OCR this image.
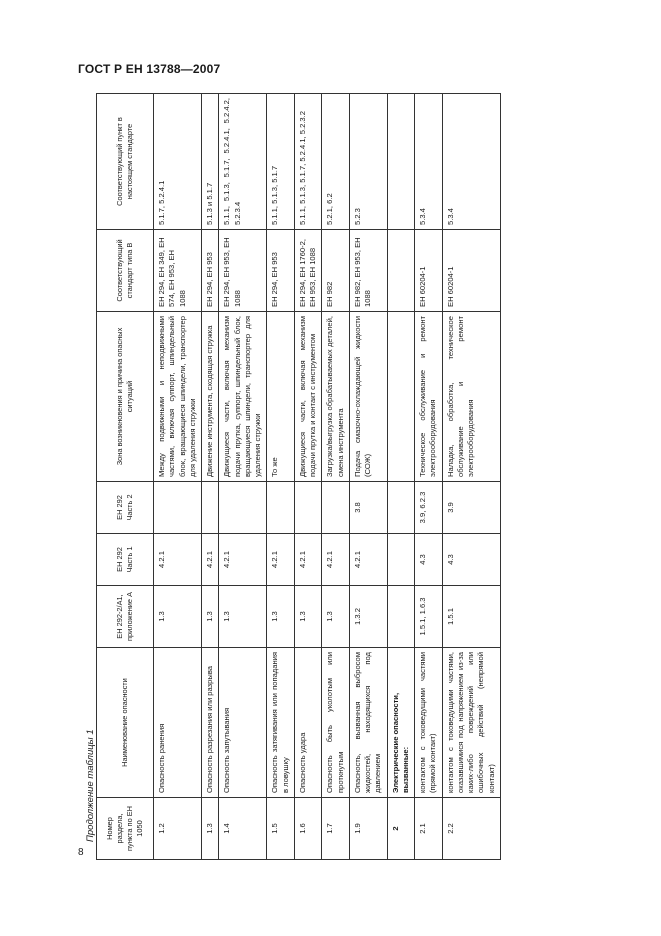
ГОСТ Р ЕН 13788—2007
Продолжение таблицы 1
8
Номер раздела, пункта по ЕН 1050	Наименование опасности	ЕН 292-2/А1, приложение А	ЕН 292 Часть 1	ЕН 292 Часть 2	Зона возникновения и причина опасных ситуаций	Соответствующий стандарт типа В	Соответствующий пункт в настоящем стандарте
1.2	Опасность ранения	1.3	4.2.1		Между подвижными и неподвижными частями, включая суппорт, шпиндельный блок, вращающиеся шпиндели, транспортер для удаления стружки	ЕН 294, ЕН 349, ЕН 574, ЕН 953, ЕН 1088	5.1.7, 5.2.4.1
1.3	Опасность разрезания или разрыва	1.3	4.2.1		Движение инструмента, сходящая стружка	ЕН 294, ЕН 953	5.1.3 и 5.1.7
1.4	Опасность запутывания	1.3	4.2.1		Движущиеся части, включая механизм подачи прутка, суппорт, шпиндельный блок, вращающиеся шпиндели, транспортер для удаления стружки	ЕН 294, ЕН 953, ЕН 1088	5.1.1, 5.1.3, 5.1.7, 5.2.4.1, 5.2.4.2, 5.2.3.4
1.5	Опасность затягивания или попадания в ловушку	1.3	4.2.1		То же	ЕН 294, ЕН 953	5.1.1, 5.1.3, 5.1.7
1.6	Опасность удара	1.3	4.2.1		Движущиеся части, включая механизм подачи прутка и контакт с инструментом	ЕН 294, ЕН 1760-2, ЕН 953, ЕН 1088	5.1.1, 5.1.3, 5.1.7, 5.2.4.1, 5.2.3.2
1.7	Опасность быть уколотым или проткнутым	1.3	4.2.1		Загрузка/выгрузка обрабатываемых деталей, смена инструмента	ЕН 982	5.2.1, 6.2
1.9	Опасность, вызванная выбросом жидкостей, находящихся под давлением	1.3.2	4.2.1	3.8	Подача смазочно-охлаждающей жидкости (СОЖ)	ЕН 982, ЕН 953, ЕН 1088	5.2.3
2	Электрические опасности, вызванные:						
2.1	контактом с токоведущими частями (прямой контакт)	1.5.1, 1.6.3	4.3	3.9, 6.2.3	Техническое обслуживание и ремонт электрооборудования	ЕН 60204-1	5.3.4
2.2	контактом с токоведущими частями, оказавшимися под напряжением из-за каких-либо повреждений или ошибочных действий (непрямой контакт)	1.5.1	4.3	3.9	Наладка, обработка, техническое обслуживание и ремонт электрооборудования	ЕН 60204-1	5.3.4
